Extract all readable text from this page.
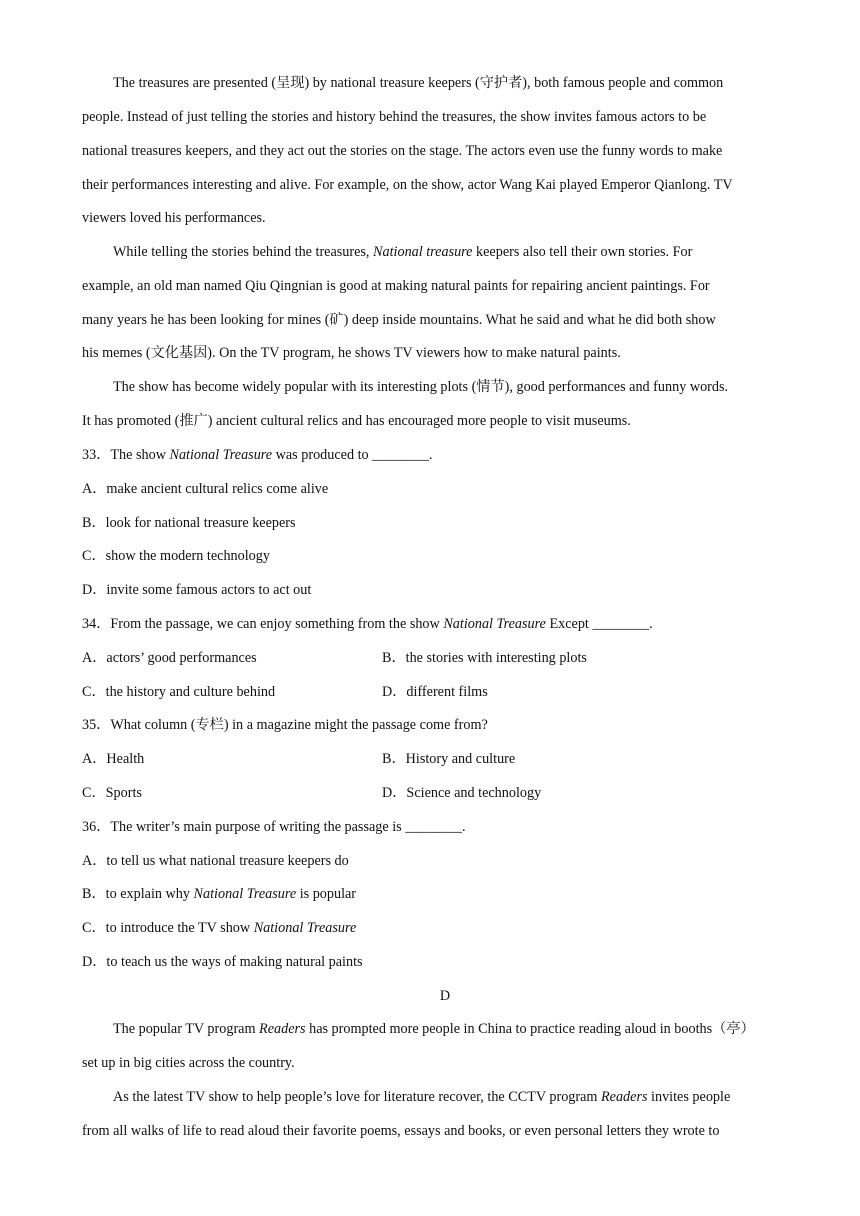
The treasures are presented (呈现) by national treasure keepers (守护者), both famous people and common
people. Instead of just telling the stories and history behind the treasures, the show invites famous actors to be
national treasures keepers, and they act out the stories on the stage. The actors even use the funny words to make
their performances interesting and alive. For example, on the show, actor Wang Kai played Emperor Qianlong. TV
viewers loved his performances.
While telling the stories behind the treasures, National treasure keepers also tell their own stories. For
example, an old man named Qiu Qingnian is good at making natural paints for repairing ancient paintings. For
many years he has been looking for mines (矿) deep inside mountains. What he said and what he did both show
his memes (文化基因). On the TV program, he shows TV viewers how to make natural paints.
The show has become widely popular with its interesting plots (情节), good performances and funny words.
It has promoted (推广) ancient cultural relics and has encouraged more people to visit museums.
33．The show National Treasure was produced to ________.
A．make ancient cultural relics come alive
B．look for national treasure keepers
C．show the modern technology
D．invite some famous actors to act out
34．From the passage, we can enjoy something from the show National Treasure Except ________.
A．actors’ good performances	B．the stories with interesting plots
C．the history and culture behind	D．different films
35．What column (专栏) in a magazine might the passage come from?
A．Health	B．History and culture
C．Sports	D．Science and technology
36．The writer’s main purpose of writing the passage is ________.
A．to tell us what national treasure keepers do
B．to explain why National Treasure is popular
C．to introduce the TV show National Treasure
D．to teach us the ways of making natural paints
D
The popular TV program Readers has prompted more people in China to practice reading aloud in booths（亭）
set up in big cities across the country.
As the latest TV show to help people’s love for literature recover, the CCTV program Readers invites people
from all walks of life to read aloud their favorite poems, essays and books, or even personal letters they wrote to
